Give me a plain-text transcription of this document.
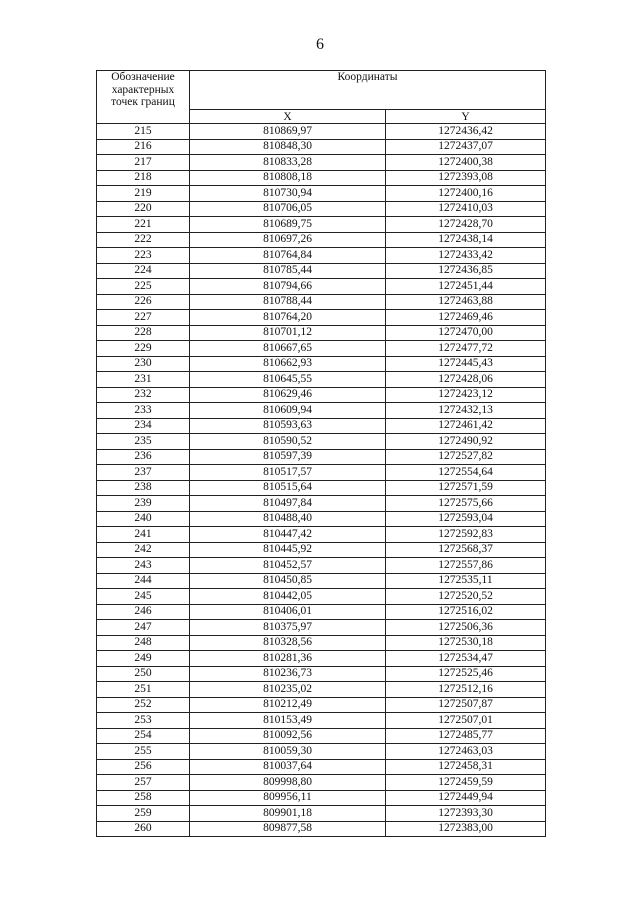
6
Обозначение характерных точек границ	Координаты	
	X	Y
215	810869,97	1272436,42
216	810848,30	1272437,07
217	810833,28	1272400,38
218	810808,18	1272393,08
219	810730,94	1272400,16
220	810706,05	1272410,03
221	810689,75	1272428,70
222	810697,26	1272438,14
223	810764,84	1272433,42
224	810785,44	1272436,85
225	810794,66	1272451,44
226	810788,44	1272463,88
227	810764,20	1272469,46
228	810701,12	1272470,00
229	810667,65	1272477,72
230	810662,93	1272445,43
231	810645,55	1272428,06
232	810629,46	1272423,12
233	810609,94	1272432,13
234	810593,63	1272461,42
235	810590,52	1272490,92
236	810597,39	1272527,82
237	810517,57	1272554,64
238	810515,64	1272571,59
239	810497,84	1272575,66
240	810488,40	1272593,04
241	810447,42	1272592,83
242	810445,92	1272568,37
243	810452,57	1272557,86
244	810450,85	1272535,11
245	810442,05	1272520,52
246	810406,01	1272516,02
247	810375,97	1272506,36
248	810328,56	1272530,18
249	810281,36	1272534,47
250	810236,73	1272525,46
251	810235,02	1272512,16
252	810212,49	1272507,87
253	810153,49	1272507,01
254	810092,56	1272485,77
255	810059,30	1272463,03
256	810037,64	1272458,31
257	809998,80	1272459,59
258	809956,11	1272449,94
259	809901,18	1272393,30
260	809877,58	1272383,00
